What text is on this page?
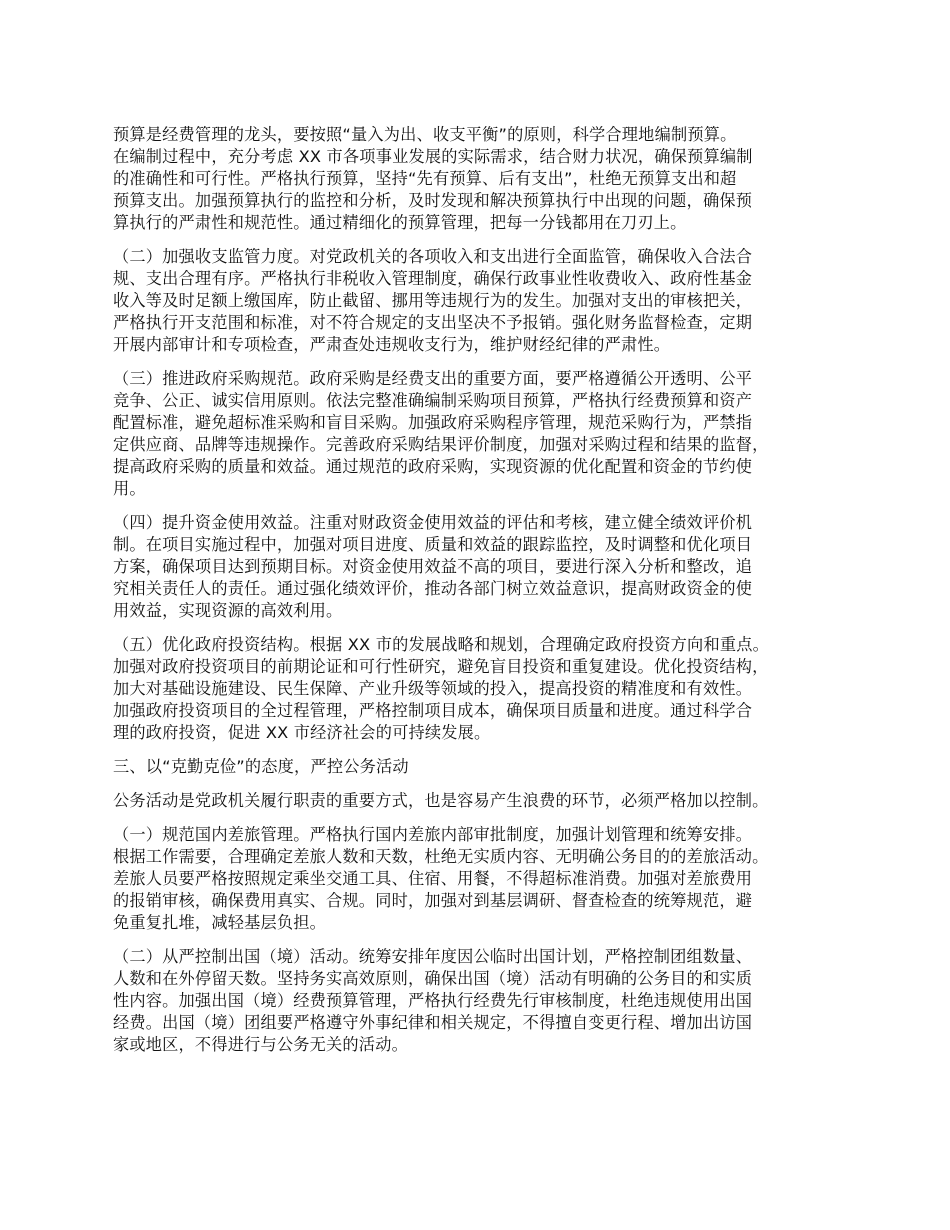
预算是经费管理的龙头，要按照“量入为出、收支平衡”的原则，科学合理地编制预算。
在编制过程中，充分考虑 XX 市各项事业发展的实际需求，结合财力状况，确保预算编制
的准确性和可行性。严格执行预算，坚持“先有预算、后有支出”，杜绝无预算支出和超
预算支出。加强预算执行的监控和分析，及时发现和解决预算执行中出现的问题，确保预
算执行的严肃性和规范性。通过精细化的预算管理，把每一分钱都用在刀刃上。
（二）加强收支监管力度。对党政机关的各项收入和支出进行全面监管，确保收入合法合
规、支出合理有序。严格执行非税收入管理制度，确保行政事业性收费收入、政府性基金
收入等及时足额上缴国库，防止截留、挪用等违规行为的发生。加强对支出的审核把关，
严格执行开支范围和标准，对不符合规定的支出坚决不予报销。强化财务监督检查，定期
开展内部审计和专项检查，严肃查处违规收支行为，维护财经纪律的严肃性。
（三）推进政府采购规范。政府采购是经费支出的重要方面，要严格遵循公开透明、公平
竞争、公正、诚实信用原则。依法完整准确编制采购项目预算，严格执行经费预算和资产
配置标准，避免超标准采购和盲目采购。加强政府采购程序管理，规范采购行为，严禁指
定供应商、品牌等违规操作。完善政府采购结果评价制度，加强对采购过程和结果的监督，
提高政府采购的质量和效益。通过规范的政府采购，实现资源的优化配置和资金的节约使
用。
（四）提升资金使用效益。注重对财政资金使用效益的评估和考核，建立健全绩效评价机
制。在项目实施过程中，加强对项目进度、质量和效益的跟踪监控，及时调整和优化项目
方案，确保项目达到预期目标。对资金使用效益不高的项目，要进行深入分析和整改，追
究相关责任人的责任。通过强化绩效评价，推动各部门树立效益意识，提高财政资金的使
用效益，实现资源的高效利用。
（五）优化政府投资结构。根据 XX 市的发展战略和规划，合理确定政府投资方向和重点。
加强对政府投资项目的前期论证和可行性研究，避免盲目投资和重复建设。优化投资结构，
加大对基础设施建设、民生保障、产业升级等领域的投入，提高投资的精准度和有效性。
加强政府投资项目的全过程管理，严格控制项目成本，确保项目质量和进度。通过科学合
理的政府投资，促进 XX 市经济社会的可持续发展。
三、以“克勤克俭”的态度，严控公务活动
公务活动是党政机关履行职责的重要方式，也是容易产生浪费的环节，必须严格加以控制。
（一）规范国内差旅管理。严格执行国内差旅内部审批制度，加强计划管理和统筹安排。
根据工作需要，合理确定差旅人数和天数，杜绝无实质内容、无明确公务目的的差旅活动。
差旅人员要严格按照规定乘坐交通工具、住宿、用餐，不得超标准消费。加强对差旅费用
的报销审核，确保费用真实、合规。同时，加强对到基层调研、督查检查的统筹规范，避
免重复扎堆，减轻基层负担。
（二）从严控制出国（境）活动。统筹安排年度因公临时出国计划，严格控制团组数量、
人数和在外停留天数。坚持务实高效原则，确保出国（境）活动有明确的公务目的和实质
性内容。加强出国（境）经费预算管理，严格执行经费先行审核制度，杜绝违规使用出国
经费。出国（境）团组要严格遵守外事纪律和相关规定，不得擅自变更行程、增加出访国
家或地区，不得进行与公务无关的活动。
